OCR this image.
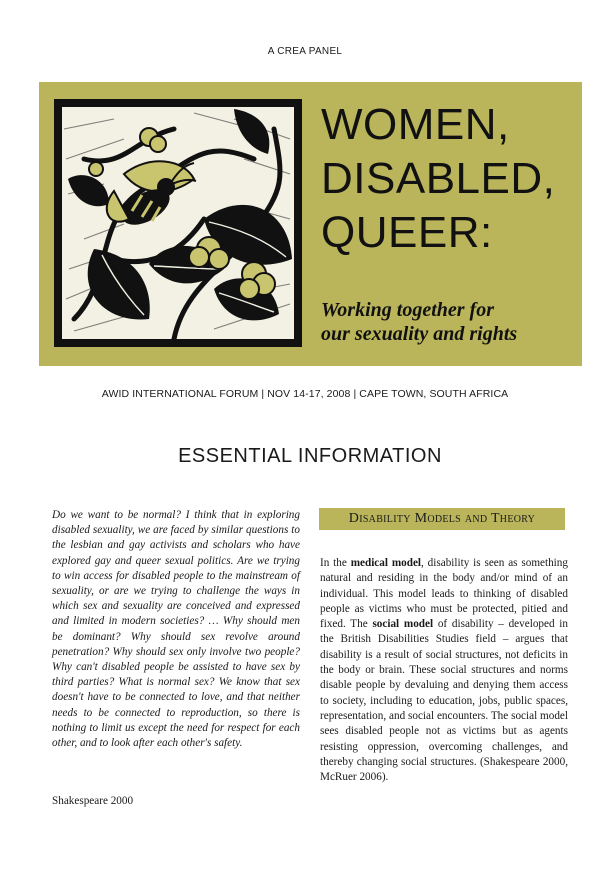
A CREA PANEL
WOMEN,
DISABLED,
QUEER:
Working together for
our sexuality and rights
AWID INTERNATIONAL FORUM | NOV 14-17, 2008 | CAPE TOWN, SOUTH AFRICA
ESSENTIAL INFORMATION

Do we want to be normal? I think that in exploring disabled sexuality, we are faced by similar questions to the lesbian and gay activists and scholars who have explored gay and queer sexual politics. Are we trying to win access for disabled people to the mainstream of sexuality, or are we trying to challenge the ways in which sex and sexuality are conceived and expressed and limited in modern societies? … Why should men be dominant? Why should sex revolve around penetration? Why should sex only involve two people? Why can't disabled people be assisted to have sex by third parties? What is normal sex? We know that sex doesn't have to be connected to love, and that neither needs to be connected to reproduction, so there is nothing to limit us except the need for respect for each other, and to look after each other's safety.

Shakespeare 2000
Disability Models and Theory

In the medical model, disability is seen as something natural and residing in the body and/or mind of an individual. This model leads to thinking of disabled people as victims who must be protected, pitied and fixed. The social model of disability – developed in the British Disabilities Studies field – argues that disability is a result of social structures, not deficits in the body or brain. These social structures and norms disable people by devaluing and denying them access to society, including to education, jobs, public spaces, representation, and social encounters. The social model sees disabled people not as victims but as agents resisting oppression, overcoming challenges, and thereby changing social structures. (Shakespeare 2000, McRuer 2006).
